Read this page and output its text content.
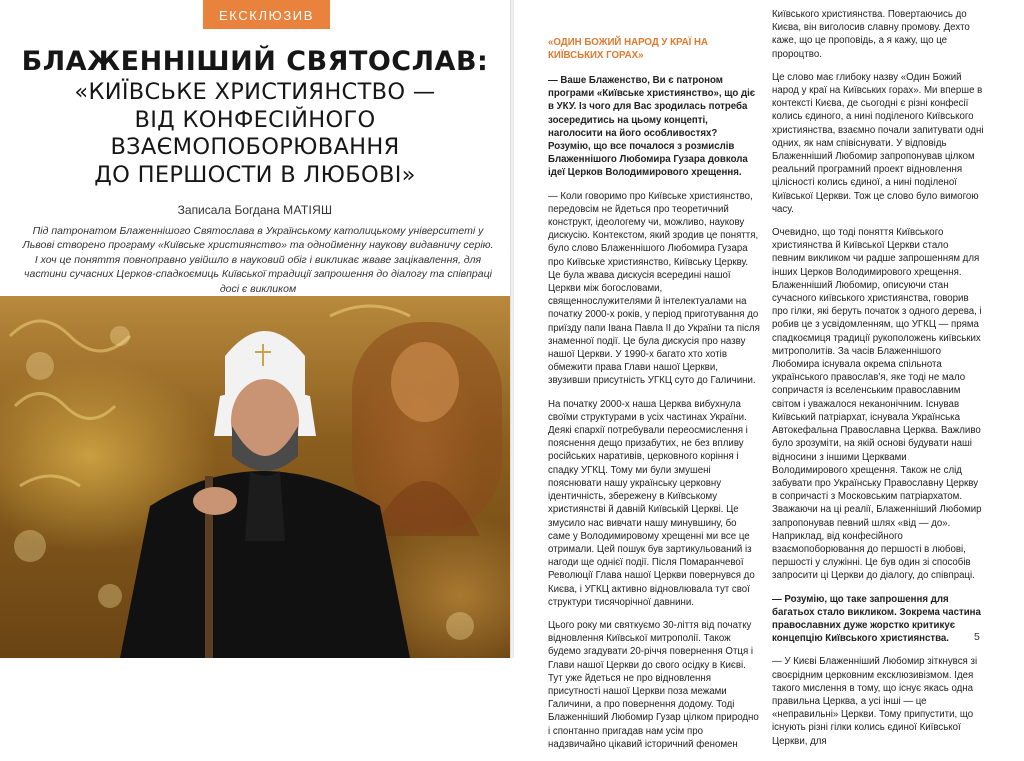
ЕКСКЛЮЗИВ
БЛАЖЕННІШИЙ СВЯТОСЛАВ:
«КИЇВСЬКЕ ХРИСТИЯНСТВО —
ВІД КОНФЕСІЙНОГО
ВЗАЄМОПОБОРЮВАННЯ
ДО ПЕРШОСТИ В ЛЮБОВІ»
Записала Богдана МАТІЯШ
Під патронатом Блаженнішого Святослава в Українському католицькому університеті у Львові створено програму «Київське християнство» та однойменну наукову видавничу серію. І хоч це поняття повноправно увійшло в науковий обіг і викликає жваве зацікавлення, для частини сучасних Церков-спадкоємиць Київської традиції запрошення до діалогу та співпраці досі є викликом

«ОДИН БОЖИЙ НАРОД У КРАЇ НА КИЇВСЬКИХ ГОРАХ»

— Ваше Блаженство, Ви є патроном програми «Київське християнство», що діє в УКУ. Із чого для Вас зродилась потреба зосередитись на цьому концепті, наголосити на його особливостях? Розумію, що все почалося з розмислів Блаженнішого Любомира Гузара довкола ідеї Церков Володимирового хрещення.

— Коли говоримо про Київське християнство, передовсім не йдеться про теоретичний конструкт, ідеологему чи, можливо, наукову дискусію. Контекстом, який зродив це поняття, було слово Блаженнішого Любомира Гузара про Київське християнство, Київську Церкву. Це була жвава дискусія всередині нашої Церкви між богословами, священнослужителями й інтелектуалами на початку 2000-х років, у період приготування до приїзду папи Івана Павла II до України та після знаменної події. Це була дискусія про назву нашої Церкви. У 1990-х багато хто хотів обмежити права Глави нашої Церкви, звузивши присутність УГКЦ суто до Галичини.

На початку 2000-х наша Церква вибухнула своїми структурами в усіх частинах України. Деякі єпархії потребували переосмислення і пояснення дещо призабутих, не без впливу російських наративів, церковного коріння і спадку УГКЦ. Тому ми були змушені пояснювати нашу українську церковну ідентичність, збережену в Київському християнстві й давній Київській Церкві. Це змусило нас вивчати нашу минувшину, бо саме у Володимировому хрещенні ми все це отримали. Цей пошук був зартикульований із нагоди ще однієї події. Після Помаранчевої Революції Глава нашої Церкви повернувся до Києва, і УГКЦ активно відновлювала тут свої структури тисячорічної давнини.

Цього року ми святкуємо 30-ліття від початку відновлення Київської митрополії. Також будемо згадувати 20-річчя повернення Отця і Глави нашої Церкви до свого осідку в Києві. Тут уже йдеться не про відновлення присутності нашої Церкви поза межами Галичини, а про повернення додому. Тоді Блаженніший Любомир Гузар цілком природно і спонтанно пригадав нам усім про надзвичайно цікавий історичний феномен

Київського християнства. Повертаючись до Києва, він виголосив славну промову. Дехто каже, що це проповідь, а я кажу, що це пророцтво.

Це слово має глибоку назву «Один Божий народ у краї на Київських горах». Ми вперше в контексті Києва, де сьогодні є різні конфесії колись єдиного, а нині поділеного Київського християнства, взаємно почали запитувати одні одних, як нам співіснувати. У відповідь Блаженніший Любомир запропонував цілком реальний програмний проект відновлення цілісності колись єдиної, а нині поділеної Київської Церкви. Тож це слово було вимогою часу.

Очевидно, що тоді поняття Київського християнства й Київської Церкви стало певним викликом чи радше запрошенням для інших Церков Володимирового хрещення. Блаженніший Любомир, описуючи стан сучасного київського християнства, говорив про гілки, які беруть початок з одного дерева, і робив це з усвідомленням, що УГКЦ — пряма спадкоємиця традиції рукоположень київських митрополитів. За часів Блаженнішого Любомира існувала окрема спільнота українського православ'я, яке тоді не мало сопричастя із вселенським православним світом і уважалося неканонічним. Існував Київський патріархат, існувала Українська Автокефальна Православна Церква. Важливо було зрозуміти, на якій основі будувати наші відносини з іншими Церквами Володимирового хрещення. Також не слід забувати про Українську Православну Церкву в сопричасті з Московським патріархатом. Зважаючи на ці реалії, Блаженніший Любомир запропонував певний шлях «від — до». Наприклад, від конфесійного взаємопоборювання до першості в любові, першості у служінні. Це був один зі способів запросити ці Церкви до діалогу, до співпраці.

— Розумію, що таке запрошення для багатьох стало викликом. Зокрема частина православних дуже жорстко критикує концепцію Київського християнства.

— У Києві Блаженніший Любомир зіткнувся зі своєрідним церковним ексклюзивізмом. Ідея такого мислення в тому, що існує якась одна правильна Церква, а усі інші — це «неправильні» Церкви. Тому припустити, що існують різні гілки колись єдиної Київської Церкви, для

5
